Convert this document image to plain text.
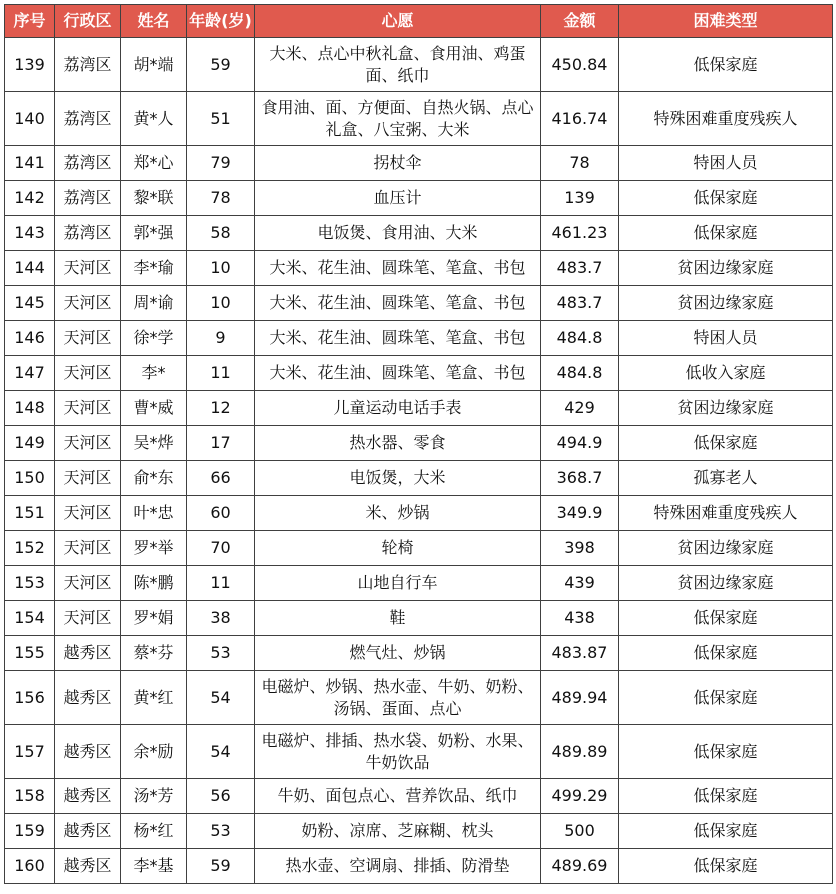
序号	行政区	姓名	年龄(岁)	心愿	金额	困难类型
139	荔湾区	胡*端	59	大米、点心中秋礼盒、食用油、鸡蛋面、纸巾	450.84	低保家庭
140	荔湾区	黄*人	51	食用油、面、方便面、自热火锅、点心礼盒、八宝粥、大米	416.74	特殊困难重度残疾人
141	荔湾区	郑*心	79	拐杖伞	78	特困人员
142	荔湾区	黎*联	78	血压计	139	低保家庭
143	荔湾区	郭*强	58	电饭煲、食用油、大米	461.23	低保家庭
144	天河区	李*瑜	10	大米、花生油、圆珠笔、笔盒、书包	483.7	贫困边缘家庭
145	天河区	周*谕	10	大米、花生油、圆珠笔、笔盒、书包	483.7	贫困边缘家庭
146	天河区	徐*学	9	大米、花生油、圆珠笔、笔盒、书包	484.8	特困人员
147	天河区	李*	11	大米、花生油、圆珠笔、笔盒、书包	484.8	低收入家庭
148	天河区	曹*威	12	儿童运动电话手表	429	贫困边缘家庭
149	天河区	吴*烨	17	热水器、零食	494.9	低保家庭
150	天河区	俞*东	66	电饭煲，大米	368.7	孤寡老人
151	天河区	叶*忠	60	米、炒锅	349.9	特殊困难重度残疾人
152	天河区	罗*举	70	轮椅	398	贫困边缘家庭
153	天河区	陈*鹏	11	山地自行车	439	贫困边缘家庭
154	天河区	罗*娟	38	鞋	438	低保家庭
155	越秀区	蔡*芬	53	燃气灶、炒锅	483.87	低保家庭
156	越秀区	黄*红	54	电磁炉、炒锅、热水壶、牛奶、奶粉、汤锅、蛋面、点心	489.94	低保家庭
157	越秀区	余*励	54	电磁炉、排插、热水袋、奶粉、水果、牛奶饮品	489.89	低保家庭
158	越秀区	汤*芳	56	牛奶、面包点心、营养饮品、纸巾	499.29	低保家庭
159	越秀区	杨*红	53	奶粉、凉席、芝麻糊、枕头	500	低保家庭
160	越秀区	李*基	59	热水壶、空调扇、排插、防滑垫	489.69	低保家庭
